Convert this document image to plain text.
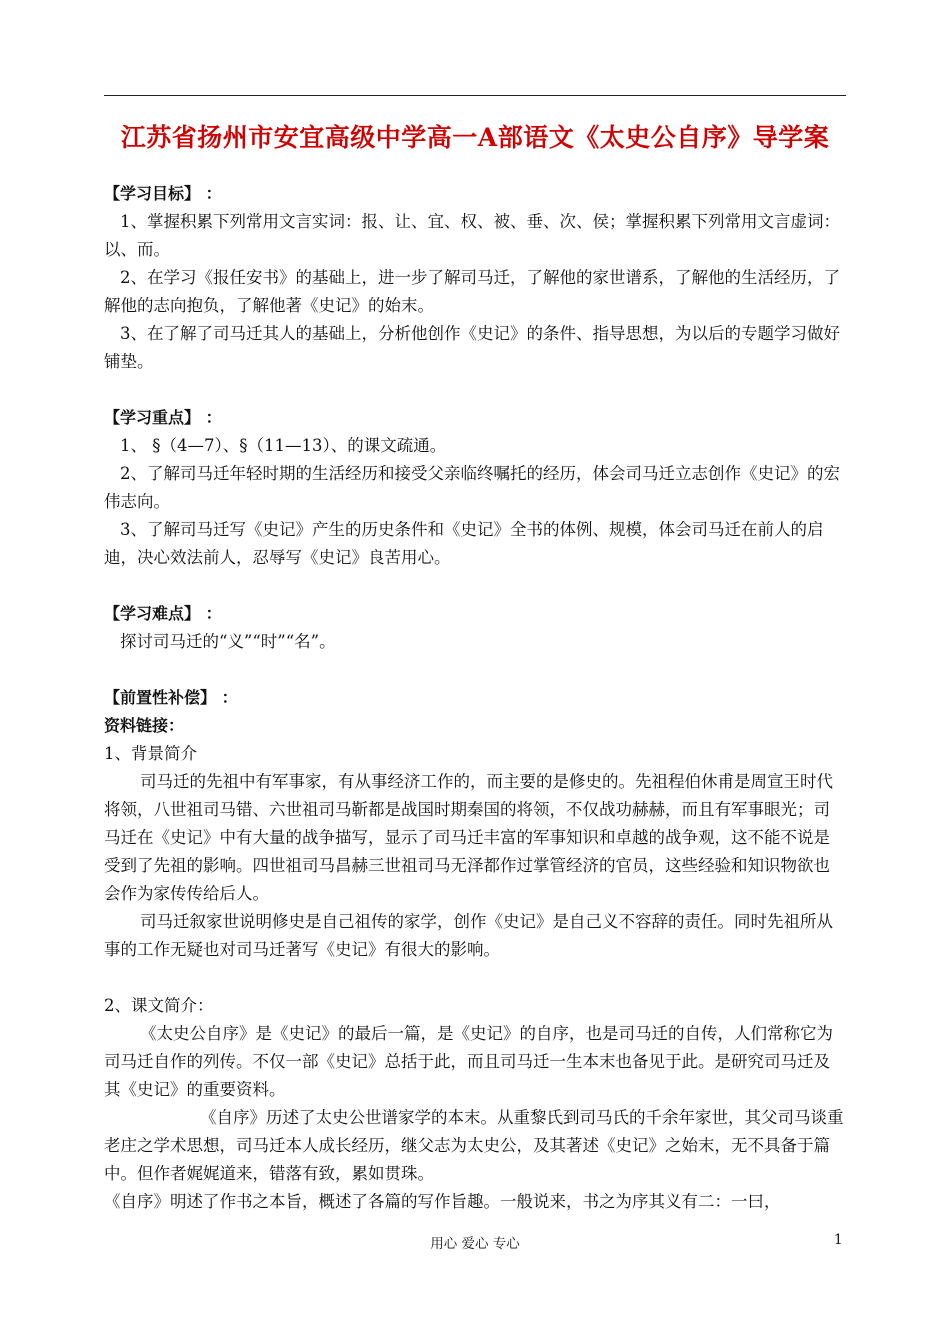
江苏省扬州市安宜高级中学高一A部语文《太史公自序》导学案
【学习目标】 ：

1、掌握积累下列常用文言实词：报、让、宜、权、被、垂、次、侯；掌握积累下列常用文言虚词：以、而。

2、在学习《报任安书》的基础上，进一步了解司马迁，了解他的家世谱系，了解他的生活经历，了解他的志向抱负，了解他著《史记》的始末。

3、在了解了司马迁其人的基础上，分析他创作《史记》的条件、指导思想，为以后的专题学习做好铺垫。

【学习重点】 ：

1、 §（4—7）、§（11—13）、的课文疏通。

2、了解司马迁年轻时期的生活经历和接受父亲临终嘱托的经历，体会司马迁立志创作《史记》的宏伟志向。

3、了解司马迁写《史记》产生的历史条件和《史记》全书的体例、规模，体会司马迁在前人的启迪，决心效法前人，忍辱写《史记》良苦用心。

【学习难点】 ：

探讨司马迁的“义”“时”“名”。

【前置性补偿】 ：
资料链接：

1、背景简介

司马迁的先祖中有军事家，有从事经济工作的，而主要的是修史的。先祖程伯休甫是周宣王时代将领，八世祖司马错、六世祖司马靳都是战国时期秦国的将领，不仅战功赫赫，而且有军事眼光；司马迁在《史记》中有大量的战争描写，显示了司马迁丰富的军事知识和卓越的战争观，这不能不说是受到了先祖的影响。四世祖司马昌赫三世祖司马无泽都作过掌管经济的官员，这些经验和知识物欲也会作为家传传给后人。

司马迁叙家世说明修史是自己祖传的家学，创作《史记》是自己义不容辞的责任。同时先祖所从事的工作无疑也对司马迁著写《史记》有很大的影响。

2、课文简介：

《太史公自序》是《史记》的最后一篇，是《史记》的自序，也是司马迁的自传，人们常称它为司马迁自作的列传。不仅一部《史记》总括于此，而且司马迁一生本末也备见于此。是研究司马迁及其《史记》的重要资料。

《自序》历述了太史公世谱家学的本末。从重黎氏到司马氏的千余年家世，其父司马谈重老庄之学术思想，司马迁本人成长经历，继父志为太史公，及其著述《史记》之始末，无不具备于篇中。但作者娓娓道来，错落有致，累如贯珠。

《自序》明述了作书之本旨，概述了各篇的写作旨趣。一般说来，书之为序其义有二：一曰，

用心 爱心 专心	1
